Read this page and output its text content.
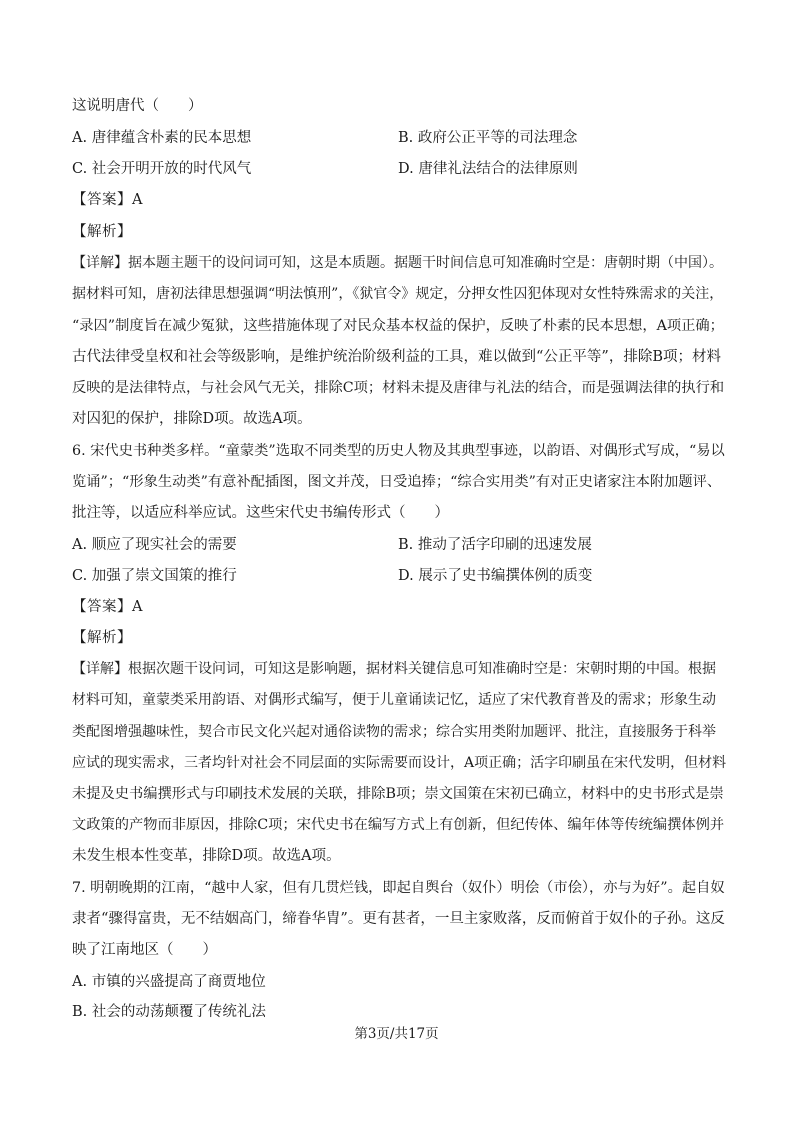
这说明唐代（　　）
A. 唐律蕴含朴素的民本思想	B. 政府公正平等的司法理念
C. 社会开明开放的时代风气	D. 唐律礼法结合的法律原则
【答案】A
【解析】
【详解】据本题主题干的设问词可知，这是本质题。据题干时间信息可知准确时空是：唐朝时期（中国）。
据材料可知，唐初法律思想强调“明法慎刑”，《狱官令》规定，分押女性囚犯体现对女性特殊需求的关注，
“录囚”制度旨在减少冤狱，这些措施体现了对民众基本权益的保护，反映了朴素的民本思想，A项正确；
古代法律受皇权和社会等级影响，是维护统治阶级利益的工具，难以做到“公正平等”，排除B项；材料
反映的是法律特点，与社会风气无关，排除C项；材料未提及唐律与礼法的结合，而是强调法律的执行和
对囚犯的保护，排除D项。故选A项。
6. 宋代史书种类多样。“童蒙类”选取不同类型的历史人物及其典型事迹，以韵语、对偶形式写成，“易以
览诵”；“形象生动类”有意补配插图，图文并茂，日受追捧；“综合实用类”有对正史诸家注本附加题评、
批注等，以适应科举应试。这些宋代史书编传形式（　　）
A. 顺应了现实社会的需要	B. 推动了活字印刷的迅速发展
C. 加强了崇文国策的推行	D. 展示了史书编撰体例的质变
【答案】A
【解析】
【详解】根据次题干设问词，可知这是影响题，据材料关键信息可知准确时空是：宋朝时期的中国。根据
材料可知，童蒙类采用韵语、对偶形式编写，便于儿童诵读记忆，适应了宋代教育普及的需求；形象生动
类配图增强趣味性，契合市民文化兴起对通俗读物的需求；综合实用类附加题评、批注，直接服务于科举
应试的现实需求，三者均针对社会不同层面的实际需要而设计，A项正确；活字印刷虽在宋代发明，但材料
未提及史书编撰形式与印刷技术发展的关联，排除B项；崇文国策在宋初已确立，材料中的史书形式是崇
文政策的产物而非原因，排除C项；宋代史书在编写方式上有创新，但纪传体、编年体等传统编撰体例并
未发生根本性变革，排除D项。故选A项。
7. 明朝晚期的江南，“越中人家，但有几贯烂钱，即起自舆台（奴仆）明侩（市侩），亦与为好”。起自奴
隶者“骤得富贵，无不结姻高门，缔眷华胄”。更有甚者，一旦主家败落，反而俯首于奴仆的子孙。这反
映了江南地区（　　）
A. 市镇的兴盛提高了商贾地位
B. 社会的动荡颠覆了传统礼法
第3页/共17页
